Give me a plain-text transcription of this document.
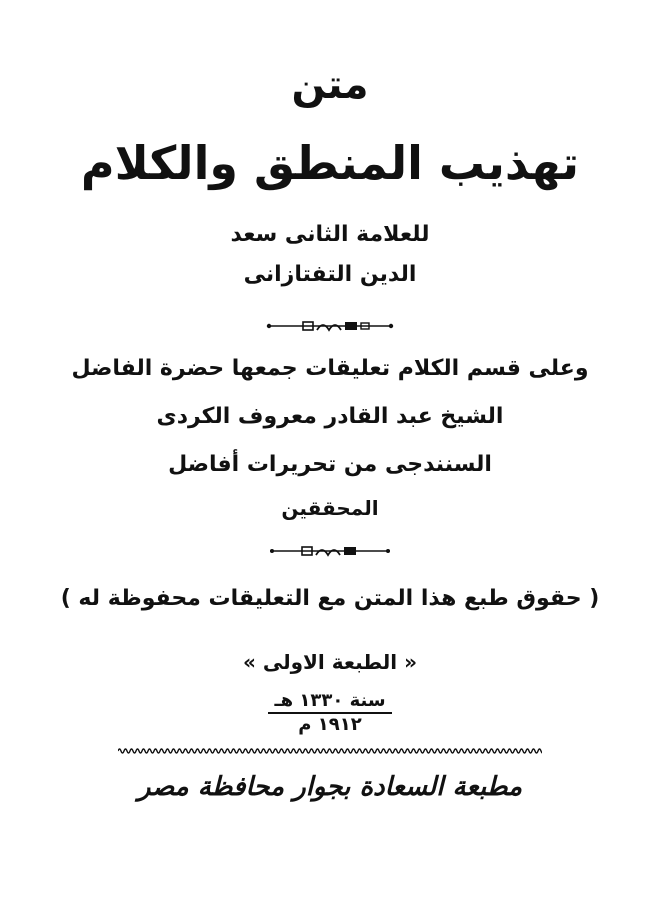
متن
تهذيب المنطق والكلام
للعلامة الثانى سعد
الدين التفتازانى
وعلى قسم الكلام تعليقات جمعها حضرة الفاضل
الشيخ عبد القادر معروف الكردى
السنندجى من تحريرات أفاضل
المحققين
( حقوق طبع هذا المتن مع التعليقات محفوظة له )
« الطبعة الاولى »
سنة ١٣٣٠ هـ
١٩١٢ م
مطبعة السعادة بجوار محافظة مصر
